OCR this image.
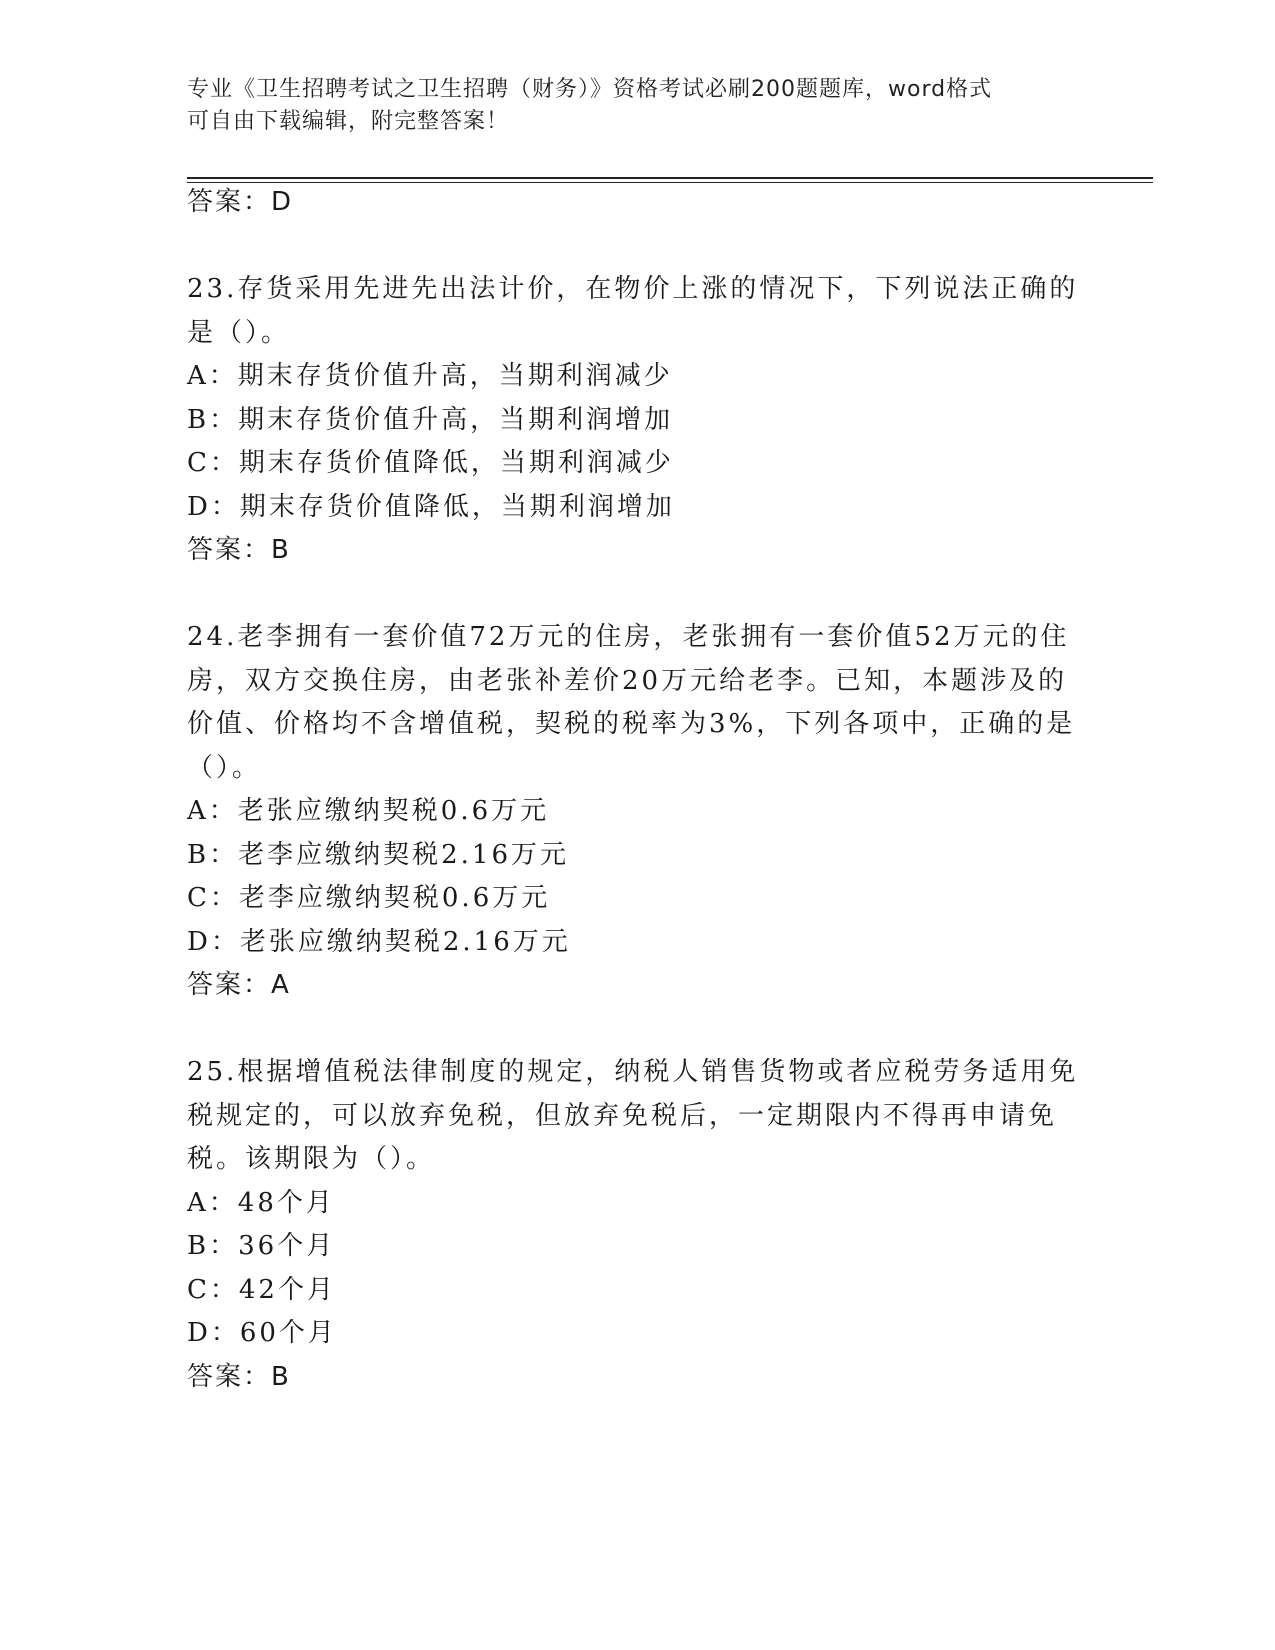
专业《卫生招聘考试之卫生招聘（财务）》资格考试必刷200题题库，word格式
可自由下载编辑，附完整答案！
答案：D
23.存货采用先进先出法计价，在物价上涨的情况下，下列说法正确的
是（）。
A：期末存货价值升高，当期利润减少
B：期末存货价值升高，当期利润增加
C：期末存货价值降低，当期利润减少
D：期末存货价值降低，当期利润增加
答案：B
24.老李拥有一套价值72万元的住房，老张拥有一套价值52万元的住
房，双方交换住房，由老张补差价20万元给老李。已知，本题涉及的
价值、价格均不含增值税，契税的税率为3%，下列各项中，正确的是
（）。
A：老张应缴纳契税0.6万元
B：老李应缴纳契税2.16万元
C：老李应缴纳契税0.6万元
D：老张应缴纳契税2.16万元
答案：A
25.根据增值税法律制度的规定，纳税人销售货物或者应税劳务适用免
税规定的，可以放弃免税，但放弃免税后，一定期限内不得再申请免
税。该期限为（）。
A：48个月
B：36个月
C：42个月
D：60个月
答案：B
